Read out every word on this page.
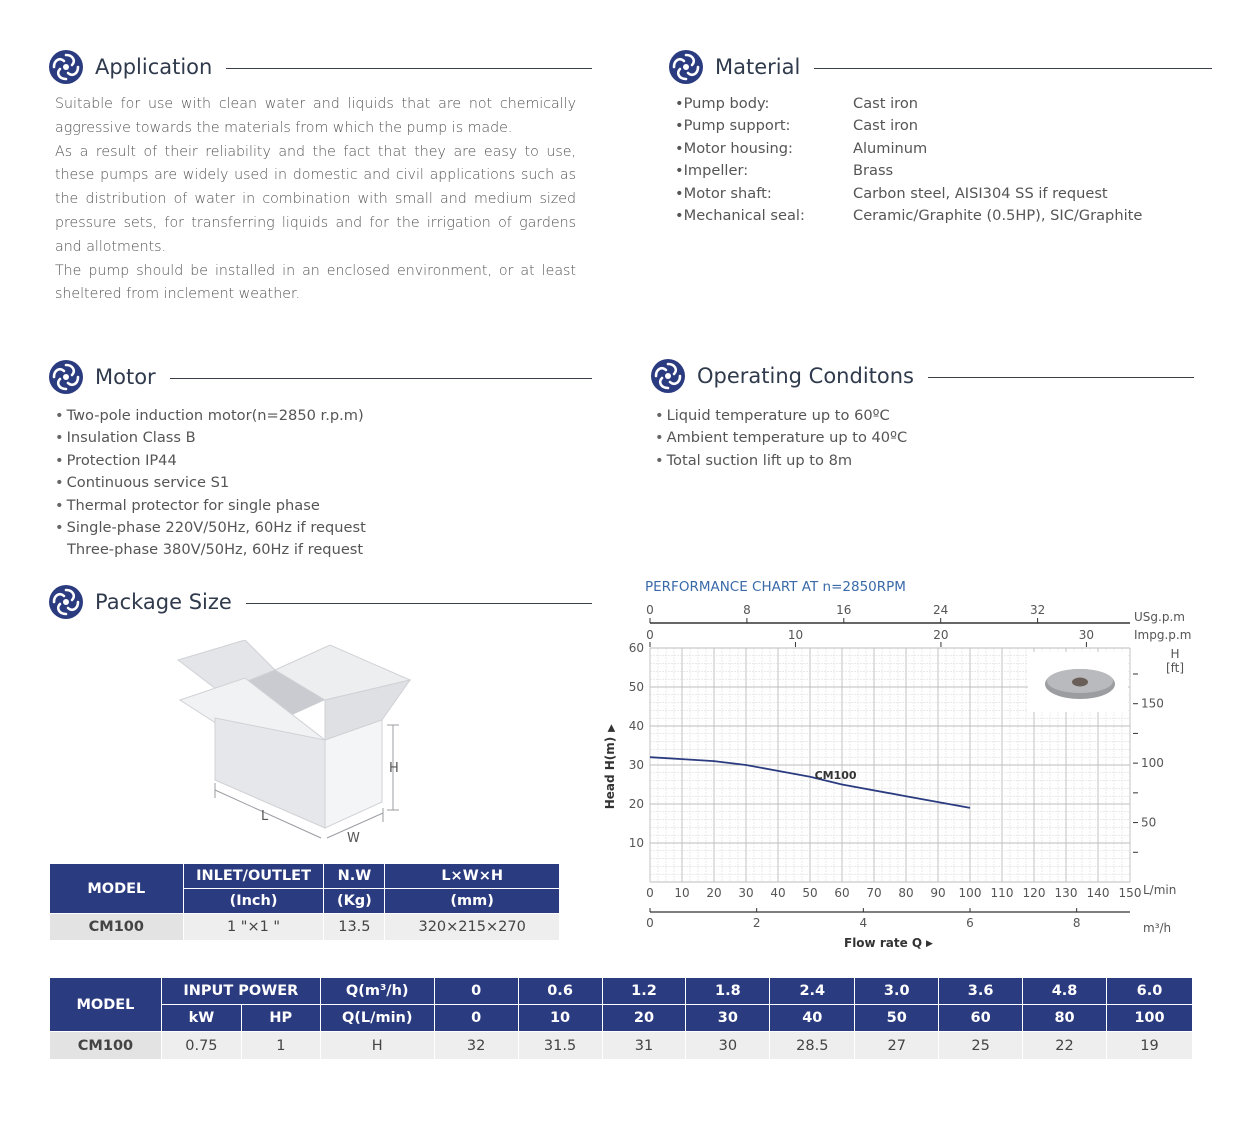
Application
Suitable for use with clean water and liquids that are not chemically aggressive towards the materials from which the pump is made.
As a result of their reliability and the fact that they are easy to use, these pumps are widely used in domestic and civil applications such as the distribution of water in combination with small and medium sized pressure sets, for transferring liquids and for the irrigation of gardens and allotments.
The pump should be installed in an enclosed environment, or at least sheltered from inclement weather.
Material
•Pump body:	Cast iron
•Pump support:	Cast iron
•Motor housing:	Aluminum
•Impeller:	Brass
•Motor shaft:	Carbon steel, AISI304 SS if request
•Mechanical seal:	Ceramic/Graphite (0.5HP), SIC/Graphite
Motor
• Two-pole induction motor(n=2850 r.p.m)
• Insulation Class B
• Protection IP44
• Continuous service S1
• Thermal protector for single phase
• Single-phase 220V/50Hz, 60Hz if request
Three-phase 380V/50Hz, 60Hz if request
Operating Conditons
• Liquid temperature up to 60ºC
• Ambient temperature up to 40ºC
• Total suction lift up to 8m
Package Size
H
L
W
MODEL	INLET/OUTLET	N.W	L×W×H
	(Inch)	(Kg)	(mm)
CM100	1 "×1 "	13.5	320×215×270
PERFORMANCE CHART AT n=2850RPM
10
20
30
40
50
60
0 10 20 30 40 50 60 70 80 90 100 110 120 130 140 150 L/min
0	2	4	6	8	m³/h
0	8	16	24	32	USg.p.m
0	10	20	30	Impg.p.m
150
100
50
H
[ft]
Head H(m)
▶
Flow rate Q ▶
CM100
MODEL	INPUT POWER		Q(m³/h)	0	0.6	1.2	1.8	2.4	3.0	3.6	4.8	6.0
	kW	HP	Q(L/min)	0	10	20	30	40	50	60	80	100
CM100	0.75	1	H	32	31.5	31	30	28.5	27	25	22	19
